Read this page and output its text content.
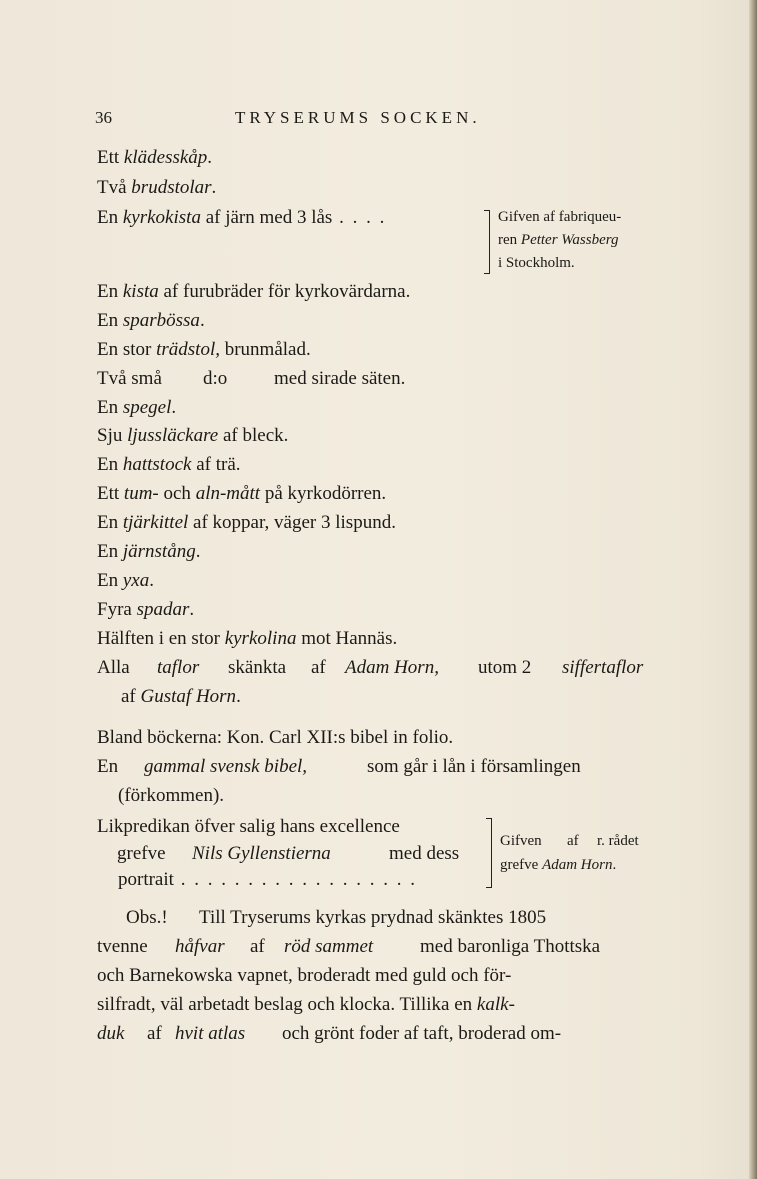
36	TRYSERUMS SOCKEN.
Ett klädesskåp.
Två brudstolar.
En kyrkokista af järn med 3 lås . . . .	Gifven af fabriqueu-
ren Petter Wassberg
i Stockholm.
En kista af furubräder för kyrkovärdarna.
En sparbössa.
En stor trädstol, brunmålad.
Två små d:o med sirade säten.
En spegel.
Sju ljussläckare af bleck.
En hattstock af trä.
Ett tum- och aln-mått på kyrkodörren.
En tjärkittel af koppar, väger 3 lispund.
En järnstång.
En yxa.
Fyra spadar.
Hälften i en stor kyrkolina mot Hannäs.
Alla taflor skänkta af Adam Horn, utom 2 siffertaflor
af Gustaf Horn.
Bland böckerna: Kon. Carl XII:s bibel in folio.
En gammal svensk bibel,	som går i lån i församlingen
(förkommen).
Likpredikan öfver salig hans excellence
grefve Nils Gyllenstierna	med dess
portrait . . . . . . . . . . . . . . . . . .
Gifven af r. rådet
grefve Adam Horn.
Obs.! Till Tryserums kyrkas prydnad skänktes 1805
tvenne håfvar af röd sammet med baronliga Thottska
och Barnekowska vapnet, broderadt med guld och för-
silfradt, väl arbetadt beslag och klocka. Tillika en kalk-
duk af hvit atlas och grönt foder af taft, broderad om-
